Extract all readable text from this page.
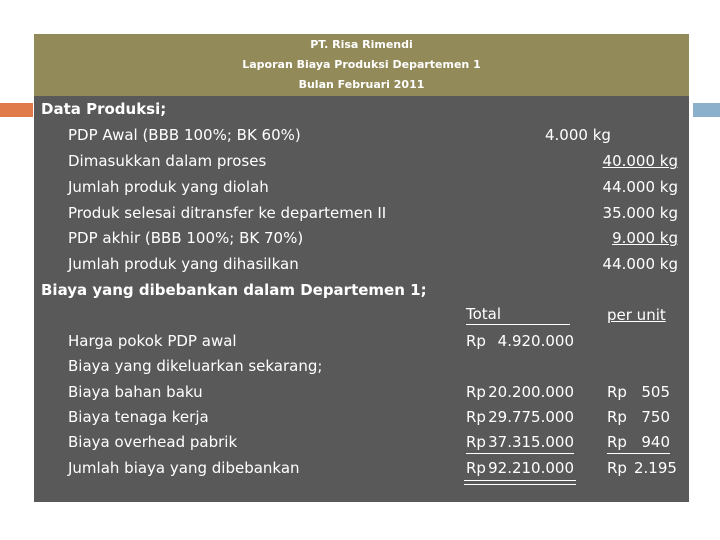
PT. Risa Rimendi
Laporan Biaya Produksi Departemen 1
Bulan Februari 2011
Data Produksi;
PDP Awal (BBB 100%; BK 60%)	4.000 kg
Dimasukkan dalam proses	40.000 kg
Jumlah produk yang diolah	44.000 kg
Produk selesai ditransfer ke departemen II	35.000 kg
PDP akhir (BBB 100%; BK 70%)	9.000 kg
Jumlah produk yang dihasilkan	44.000 kg
Biaya yang dibebankan dalam Departemen 1;
Total	per unit
Harga pokok PDP awal	Rp 4.920.000
Biaya yang dikeluarkan sekarang;
Biaya bahan baku	Rp 20.200.000 Rp 505
Biaya tenaga kerja	Rp 29.775.000 Rp 750
Biaya overhead pabrik	Rp 37.315.000 Rp 940
Jumlah biaya yang dibebankan	Rp 92.210.000 Rp 2.195
